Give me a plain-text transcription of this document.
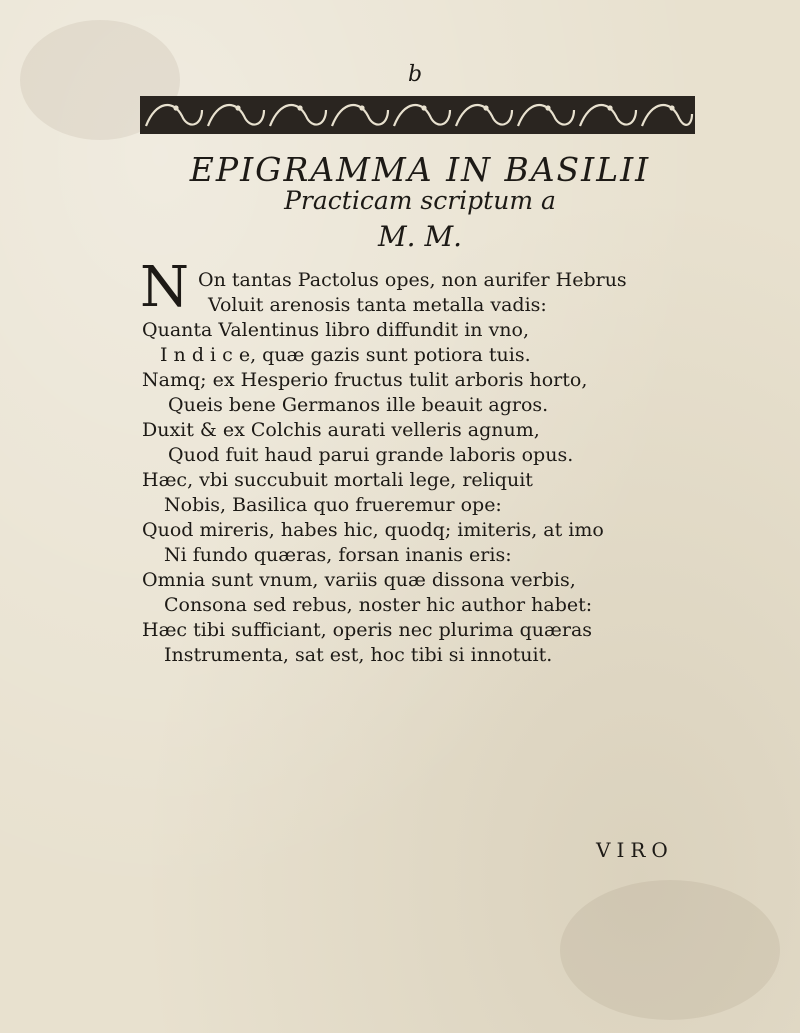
b
EPIGRAMMA IN BASILII
Practicam scriptum a
M. M.
N On tantas Pactolus opes, non aurifer Hebrus
Voluit arenosis tanta metalla vadis:
Quanta Valentinus libro diffundit in vno,
I n d i c e, quæ gazis sunt potiora tuis.
Namq; ex Hesperio fructus tulit arboris horto,
Queis bene Germanos ille beauit agros.
Duxit & ex Colchis aurati velleris agnum,
Quod fuit haud parui grande laboris opus.
Hæc, vbi succubuit mortali lege, reliquit
Nobis, Basilica quo frueremur ope:
Quod mireris, habes hic, quodq; imiteris, at imo
Ni fundo quæras, forsan inanis eris:
Omnia sunt vnum, variis quæ dissona verbis,
Consona sed rebus, noster hic author habet:
Hæc tibi sufficiant, operis nec plurima quæras
Instrumenta, sat est, hoc tibi si innotuit.
VIRO
